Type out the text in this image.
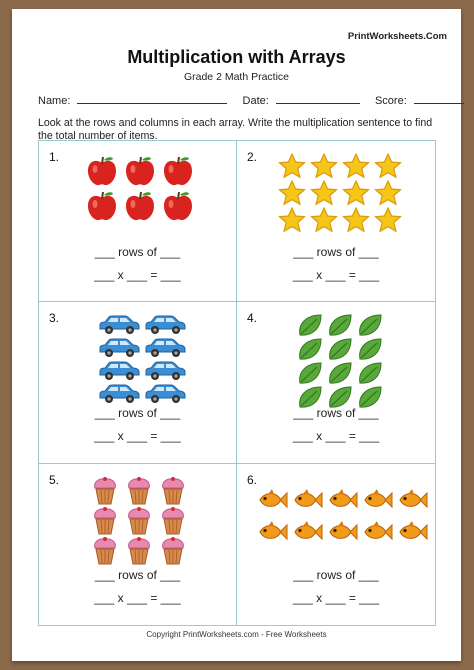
PrintWorksheets.Com
Multiplication with Arrays
Grade 2 Math Practice
Name:	Date:	Score:
Look at the rows and columns in each array. Write the multiplication sentence to find the total number of items.
1.
___ rows of ___
___ x ___ = ___
2.
___ rows of ___
___ x ___ = ___
3.
___ rows of ___
___ x ___ = ___
4.
___ rows of ___
___ x ___ = ___
5.
___ rows of ___
___ x ___ = ___
6.
___ rows of ___
___ x ___ = ___
Copyright PrintWorksheets.com - Free Worksheets
